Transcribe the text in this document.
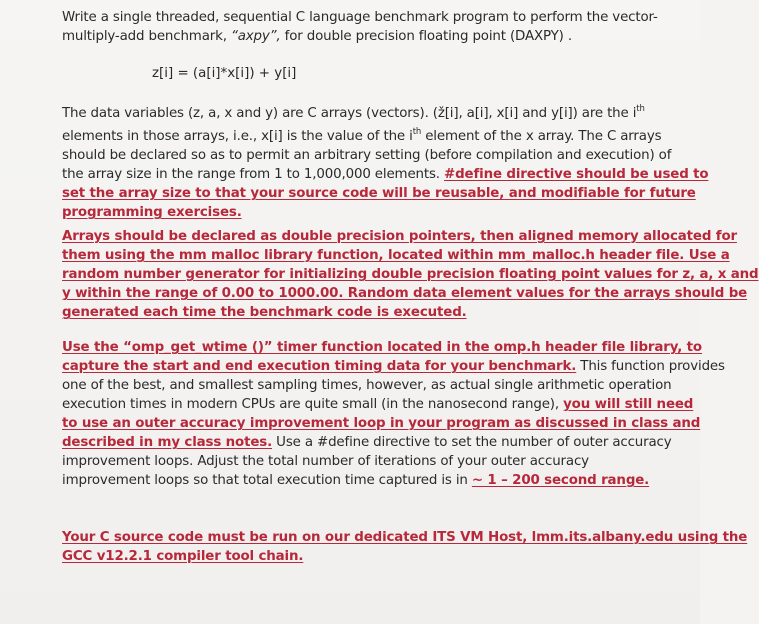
Write a single threaded, sequential C language benchmark program to perform the vector-
multiply-add benchmark, “axpy”, for double precision floating point (DAXPY) .

z[i] = (a[i]*x[i]) + y[i]

The data variables (z, a, x and y) are C arrays (vectors). (ž[i], a[i], x[i] and y[i]) are the $i^{th}$
elements in those arrays, i.e., x[i] is the value of the $i^{th}$ element of the x array. The C arrays
should be declared so as to permit an arbitrary setting (before compilation and execution) of
the array size in the range from 1 to 1,000,000 elements. #define directive should be used to
set the array size to that your source code will be reusable, and modifiable for future
programming exercises.

Arrays should be declared as double precision pointers, then aligned memory allocated for
them using the mm malloc library function, located within mm_malloc.h header file. Use a
random number generator for initializing double precision floating point values for z, a, x and
y within the range of 0.00 to 1000.00. Random data element values for the arrays should be
generated each time the benchmark code is executed.

Use the “omp_get_wtime ()” timer function located in the omp.h header file library, to
capture the start and end execution timing data for your benchmark. This function provides
one of the best, and smallest sampling times, however, as actual single arithmetic operation
execution times in modern CPUs are quite small (in the nanosecond range), you will still need
to use an outer accuracy improvement loop in your program as discussed in class and
described in my class notes. Use a #define directive to set the number of outer accuracy
improvement loops. Adjust the total number of iterations of your outer accuracy
improvement loops so that total execution time captured is in ~ 1 – 200 second range.

Your C source code must be run on our dedicated ITS VM Host, lmm.its.albany.edu using the
GCC v12.2.1 compiler tool chain.
